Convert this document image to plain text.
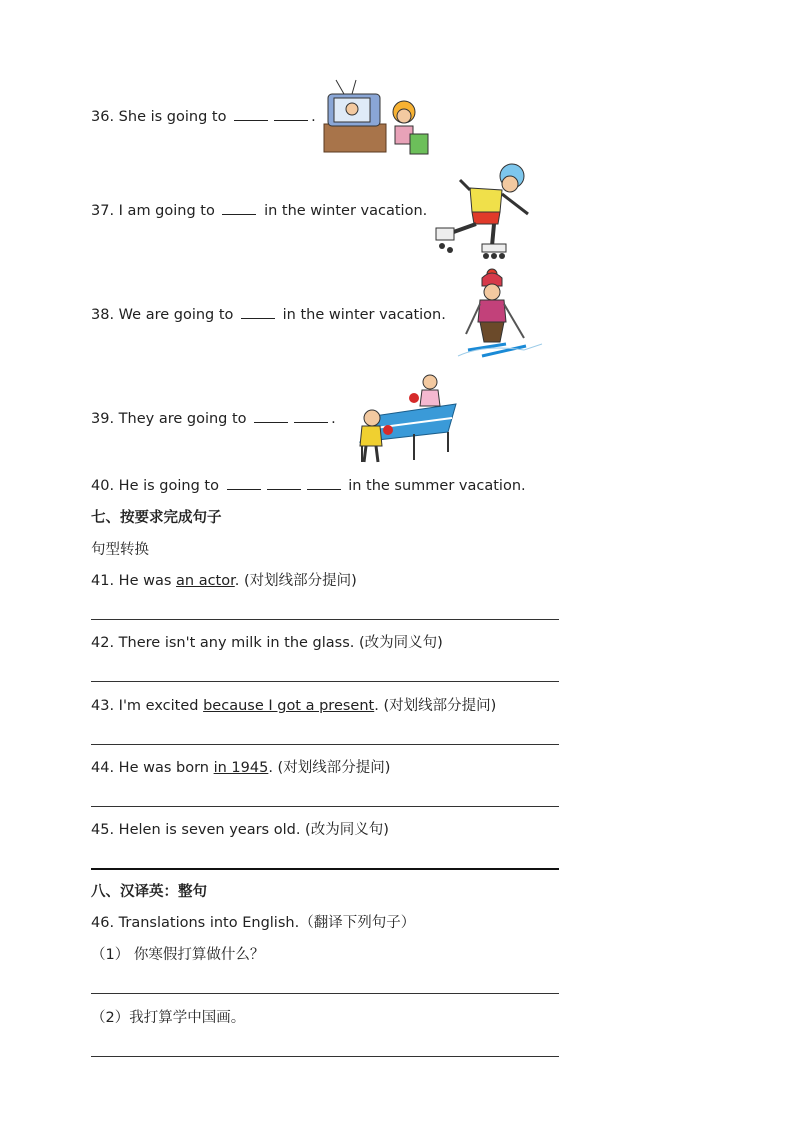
36. She is going to	.
37. I am going to	in the winter vacation.
38. We are going to	in the winter vacation.
39. They are going to	.
40. He is going to	in the summer vacation.
七、按要求完成句子
句型转换
41. He was an actor. (对划线部分提问)
42. There isn't any milk in the glass. (改为同义句)
43. I'm excited because I got a present. (对划线部分提问)
44. He was born in 1945. (对划线部分提问)
45. Helen is seven years old. (改为同义句)
八、汉译英：整句
46. Translations into English.（翻译下列句子）
（1） 你寒假打算做什么？
（2）我打算学中国画。
